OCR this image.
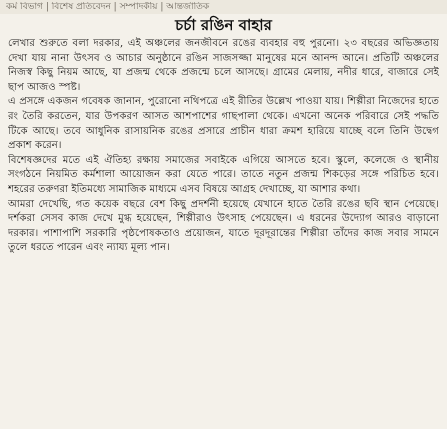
কর্ম বিভাগ | বিশেষ প্রতিবেদন | সম্পাদকীয় | আন্তর্জাতিক
চর্চা রঙিন বাহার

লেখার শুরুতে বলা দরকার, এই অঞ্চলের জনজীবনে রঙের ব্যবহার বহু পুরনো। ২৩ বছরের অভিজ্ঞতায় দেখা যায় নানা উৎসব ও আচার অনুষ্ঠানে রঙিন সাজসজ্জা মানুষের মনে আনন্দ আনে। প্রতিটি অঞ্চলের নিজস্ব কিছু নিয়ম আছে, যা প্রজন্ম থেকে প্রজন্মে চলে আসছে। গ্রামের মেলায়, নদীর ধারে, বাজারে সেই ছাপ আজও স্পষ্ট।

এ প্রসঙ্গে একজন গবেষক জানান, পুরোনো নথিপত্রে এই রীতির উল্লেখ পাওয়া যায়। শিল্পীরা নিজেদের হাতে রং তৈরি করতেন, যার উপকরণ আসত আশপাশের গাছপালা থেকে। এখনো অনেক পরিবারে সেই পদ্ধতি টিকে আছে। তবে আধুনিক রাসায়নিক রঙের প্রসারে প্রাচীন ধারা ক্রমশ হারিয়ে যাচ্ছে বলে তিনি উদ্বেগ প্রকাশ করেন।

বিশেষজ্ঞদের মতে এই ঐতিহ্য রক্ষায় সমাজের সবাইকে এগিয়ে আসতে হবে। স্কুলে, কলেজে ও স্থানীয় সংগঠনে নিয়মিত কর্মশালা আয়োজন করা যেতে পারে। তাতে নতুন প্রজন্ম শিকড়ের সঙ্গে পরিচিত হবে। শহরের তরুণরা ইতিমধ্যে সামাজিক মাধ্যমে এসব বিষয়ে আগ্রহ দেখাচ্ছে, যা আশার কথা।

আমরা দেখেছি, গত কয়েক বছরে বেশ কিছু প্রদর্শনী হয়েছে যেখানে হাতে তৈরি রঙের ছবি স্থান পেয়েছে। দর্শকরা সেসব কাজ দেখে মুগ্ধ হয়েছেন, শিল্পীরাও উৎসাহ পেয়েছেন। এ ধরনের উদ্যোগ আরও বাড়ানো দরকার। পাশাপাশি সরকারি পৃষ্ঠপোষকতাও প্রয়োজন, যাতে দূরদূরান্তের শিল্পীরা তাঁদের কাজ সবার সামনে তুলে ধরতে পারেন এবং ন্যায্য মূল্য পান।
